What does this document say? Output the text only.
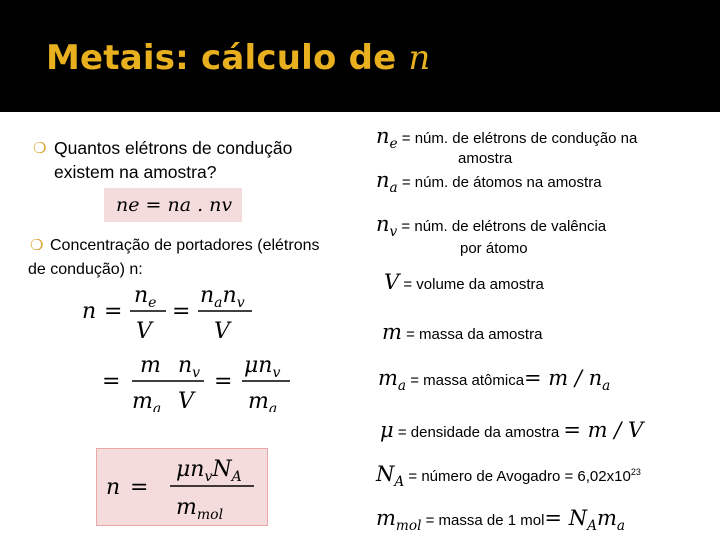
Metais: cálculo de n
❍ Quantos elétrons de condução existem na amostra?
ne = na . nv
❍ Concentração de portadores (elétrons de condução) n:
n =
$n_e$
V
=
$n_an_v$
V
=
m $n_v$
$m_a$ V
=
$\mu n_v$
$m_a$
n =
$\mu n_vN_A$
$m_{mol}$
$n_e$ = núm. de elétrons de condução na
amostra
$n_a$ = núm. de átomos na amostra
$n_v$ = núm. de elétrons de valência
por átomo
V = volume da amostra
m = massa da amostra
$m_a$ = massa atômica= m / $n_a$
μ = densidade da amostra = m / V
$N_A$ = número de Avogadro = $6,02x10^{23}$
$m_{mol}$ = massa de 1 $mol= N_Am_a$
